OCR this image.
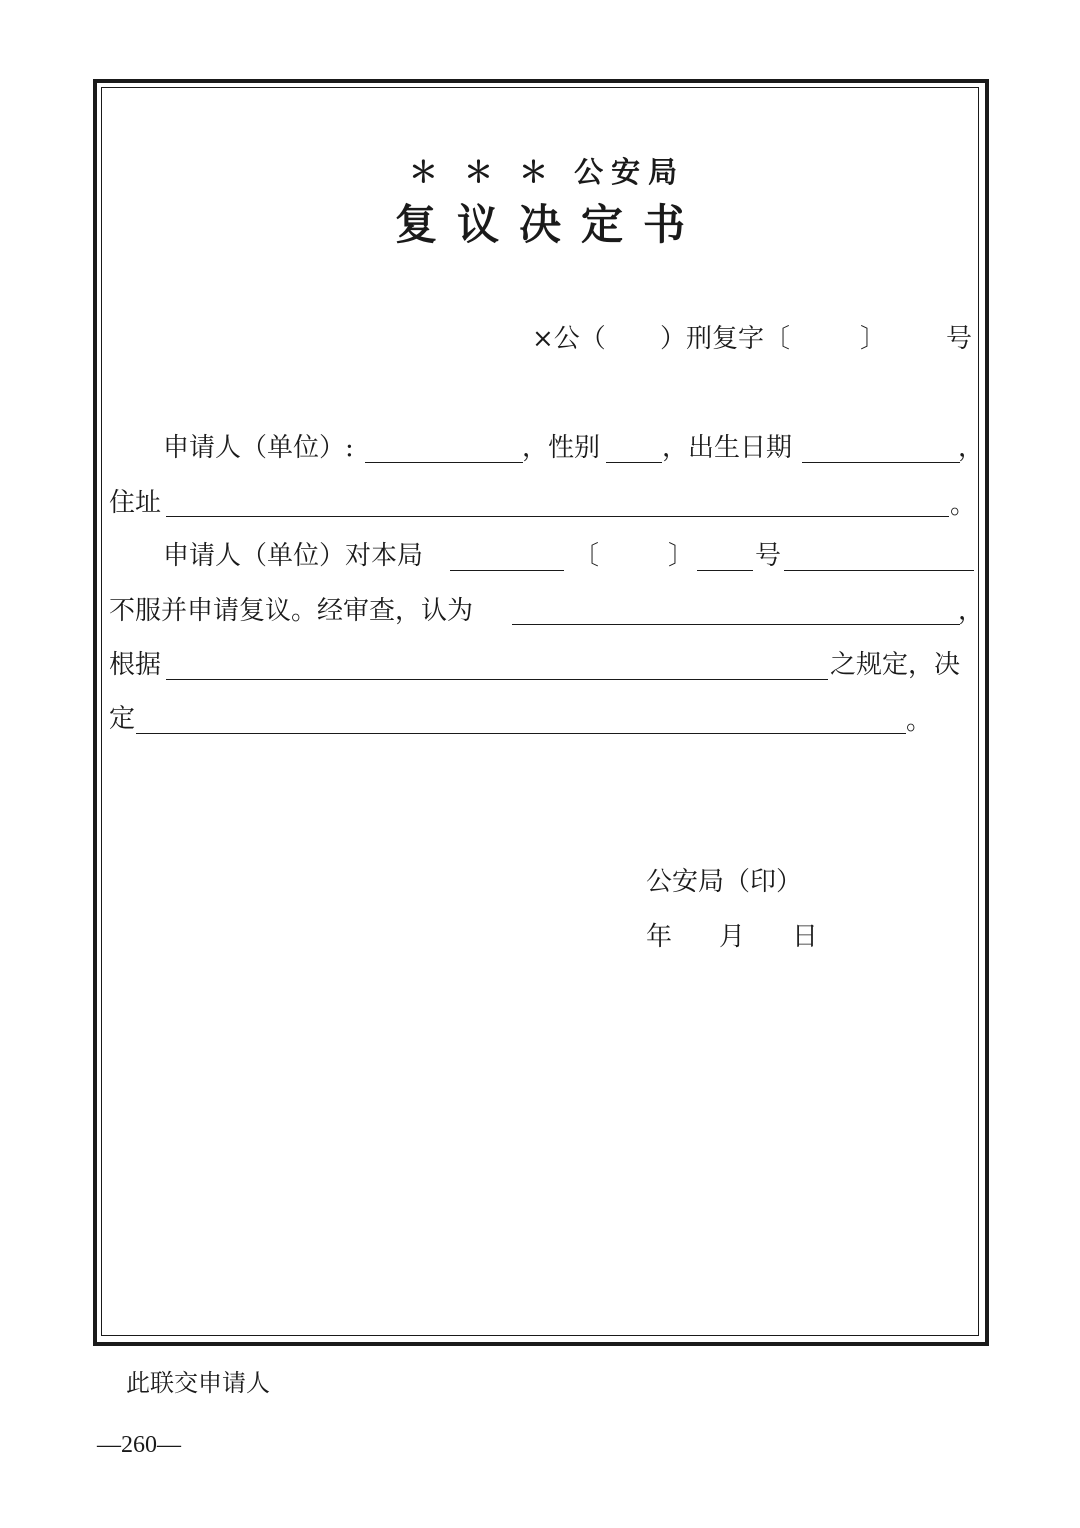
＊ ＊ ＊ 公安局
复议决定书
×公（ ）刑复字〔	〕 号
申请人（单位）:	，性别 ，出生日期	，
住址	。
申请人（单位）对本局	〔	〕 号
不服并申请复议。经审查，认为	，
根据	之规定，决
定	。
公安局（印）
年 月 日
此联交申请人
—260—
